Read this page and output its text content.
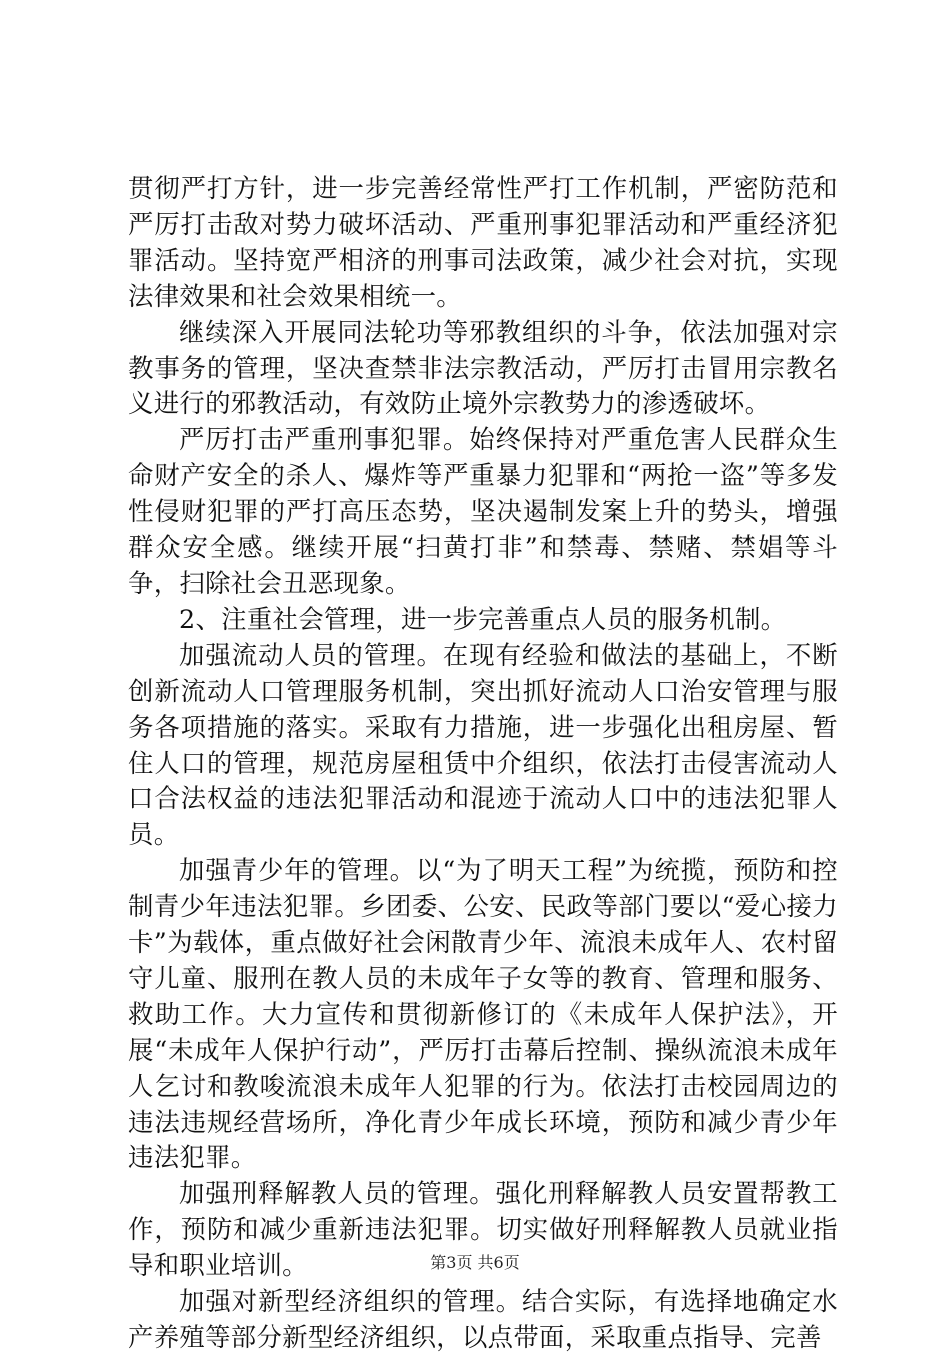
贯彻严打方针，进一步完善经常性严打工作机制，严密防范和严厉打击敌对势力破坏活动、严重刑事犯罪活动和严重经济犯罪活动。坚持宽严相济的刑事司法政策，减少社会对抗，实现法律效果和社会效果相统一。

继续深入开展同法轮功等邪教组织的斗争，依法加强对宗教事务的管理，坚决查禁非法宗教活动，严厉打击冒用宗教名义进行的邪教活动，有效防止境外宗教势力的渗透破坏。

严厉打击严重刑事犯罪。始终保持对严重危害人民群众生命财产安全的杀人、爆炸等严重暴力犯罪和“两抢一盗”等多发性侵财犯罪的严打高压态势，坚决遏制发案上升的势头，增强群众安全感。继续开展“扫黄打非”和禁毒、禁赌、禁娼等斗争，扫除社会丑恶现象。

2、注重社会管理，进一步完善重点人员的服务机制。

加强流动人员的管理。在现有经验和做法的基础上，不断创新流动人口管理服务机制，突出抓好流动人口治安管理与服务各项措施的落实。采取有力措施，进一步强化出租房屋、暂住人口的管理，规范房屋租赁中介组织，依法打击侵害流动人口合法权益的违法犯罪活动和混迹于流动人口中的违法犯罪人员。

加强青少年的管理。以“为了明天工程”为统揽，预防和控制青少年违法犯罪。乡团委、公安、民政等部门要以“爱心接力卡”为载体，重点做好社会闲散青少年、流浪未成年人、农村留守儿童、服刑在教人员的未成年子女等的教育、管理和服务、救助工作。大力宣传和贯彻新修订的《未成年人保护法》，开展“未成年人保护行动”，严厉打击幕后控制、操纵流浪未成年人乞讨和教唆流浪未成年人犯罪的行为。依法打击校园周边的违法违规经营场所，净化青少年成长环境，预防和减少青少年违法犯罪。

加强刑释解教人员的管理。强化刑释解教人员安置帮教工作，预防和减少重新违法犯罪。切实做好刑释解教人员就业指导和职业培训。

加强对新型经济组织的管理。结合实际，有选择地确定水产养殖等部分新型经济组织，以点带面，采取重点指导、完善

第3页 共6页
